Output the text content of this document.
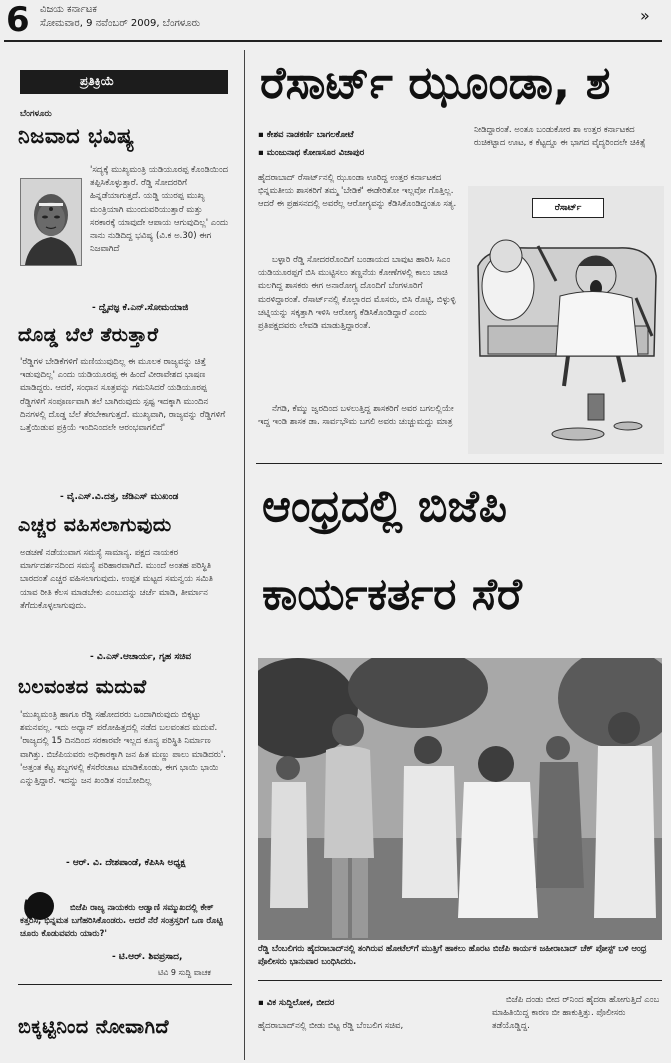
6 ವಿಜಯ ಕರ್ನಾಟಕ
ಸೋಮವಾರ, 9 ನವೆಂಬರ್ 2009, ಬೆಂಗಳೂರು	»
ಪ್ರತಿಕ್ರಿಯೆ
ಬೆಂಗಳೂರು
ನಿಜವಾದ ಭವಿಷ್ಯ
'ಸದ್ಯಕ್ಕೆ ಮುಖ್ಯಮಂತ್ರಿ ಯಡಿಯೂರಪ್ಪ ಕೊಂಡಿಯಿಂದ ತಪ್ಪಿಸಿಕೊಳ್ಳುತ್ತಾರೆ. ರೆಡ್ಡಿ ಸೋದರರಿಗೆ ಹಿನ್ನಡೆಯಾಗುತ್ತದೆ. ಯಡ್ಡಿ ಯುರಪ್ಪ ಮುಖ್ಯ ಮಂತ್ರಿಯಾಗಿ ಮುಂದುವರಿಯುತ್ತಾರೆ ಮತ್ತು ಸರಕಾರಕ್ಕೆ ಯಾವುದೇ ಆಪಾಯ ಆಗುವುದಿಲ್ಲ' ಎಂದು ನಾನು ನುಡಿದಿದ್ದ ಭವಿಷ್ಯ (ವಿ.ಕ ಅ.30) ಈಗ ನಿಜವಾಗಿದೆ
- ದ್ವೈವಜ್ಞ ಕೆ.ಎನ್.ಸೋಮಯಾಜಿ
ದೊಡ್ಡ ಬೆಲೆ ತೆರುತ್ತಾರೆ
'ರೆಡ್ಡಿಗಳ ಬೇಡಿಕೆಗಳಿಗೆ ಮಣಿಯುವುದಿಲ್ಲ ಈ ಮೂಲಕ ರಾಜ್ಯವನ್ನು ಚಿತ್ತೆ ಇಡುವುದಿಲ್ಲ' ಎಂದು ಯಡಿಯೂರಪ್ಪ ಈ ಹಿಂದೆ ವೀರಾವೇಶದ ಭಾಷಣ ಮಾಡಿದ್ದರು. ಆದರೆ, ಸಂಧಾನ ಸೂತ್ರವನ್ನು ಗಮನಿಸಿದರೆ ಯಡಿಯೂರಪ್ಪ ರೆಡ್ಡಿಗಳಿಗೆ ಸಂಪೂರ್ಣವಾಗಿ ತಲೆ ಬಾಗಿರುವುದು ಸ್ಪಷ್ಟ ಇದಕ್ಕಾಗಿ ಮುಂದಿನ ದಿನಗಳಲ್ಲಿ ದೊಡ್ಡ ಬೆಲೆ ತೆರಬೇಕಾಗುತ್ತದೆ. ಮುಖ್ಯವಾಗಿ, ರಾಜ್ಯವನ್ನು ರೆಡ್ಡಿಗಳಿಗೆ ಒತ್ತೆಯಿಡುವ ಪ್ರಕ್ರಿಯೆ ಇಂದಿನಿಂದಲೇ ಆರಂಭವಾಗಲಿದೆ'
- ವೈ.ಎಸ್.ವಿ.ದತ್ತ, ಜೆಡಿಎಸ್ ಮುಖಂಡ
ಎಚ್ಚರ ವಹಿಸಲಾಗುವುದು
ಅಡಚಣೆ ನಡೆಯುವಾಗ ಸಮಸ್ಯೆ ಸಾಮಾನ್ಯ. ಪಕ್ಷದ ನಾಯಕರ ಮಾರ್ಗದರ್ಶನದಿಂದ ಸಮಸ್ಯೆ ಪರಿಹಾರವಾಗಿದೆ. ಮುಂದೆ ಅಂತಹ ಪರಿಸ್ಥಿತಿ ಬಾರದಂತೆ ಎಚ್ಚರ ವಹಿಸಲಾಗುವುದು. ಉಪ್ಪತ ಮಟ್ಟದ ಸಮನ್ವಯ ಸಮಿತಿ ಯಾವ ರೀತಿ ಕೆಲಸ ಮಾಡಬೇಕು ಎಂಬುದನ್ನು ಚರ್ಚೆ ಮಾಡಿ, ತೀರ್ಮಾನ ತೆಗೆದುಕೊಳ್ಳಲಾಗುವುದು.
- ವಿ.ಎಸ್.ಆಚಾರ್ಯ, ಗೃಹ ಸಚಿವ
ಬಲವಂತದ ಮದುವೆ
'ಮುಖ್ಯಮಂತ್ರಿ ಹಾಗೂ ರೆಡ್ಡಿ ಸಹೋದರರು ಒಂದಾಗಿರುವುದು ಬಿಕ್ಕಟ್ಟು ಶಮನವಲ್ಲ. ಇದು ಅಧ್ಯಾನ್ ಪರೋಹಿತ್ತದಲ್ಲಿ ನಡೆದ ಬಲವಂತದ ಮದುವೆ. 'ರಾಜ್ಯದಲ್ಲಿ 15 ದಿನದಿಂದ ಸರಕಾರವೇ ಇಲ್ಲದ ಕೂನ್ಯ ಪರಿಸ್ಥಿತಿ ನಿರ್ಮಾಣ ವಾಗಿತ್ತು. ಬಿಜೆಪಿಯವರು ಅಧಿಕಾರಕ್ಕಾಗಿ ಜನ ಹಿತ ಮಣ್ಣು ಪಾಲು ಮಾಡಿದರು'. 'ಅತ್ತಂತ ಕೆಟ್ಟ ಶಬ್ದಗಳಲ್ಲಿ ಕೆಸರೆರಚಾಟ ಮಾಡಿಕೊಂಡು, ಈಗ ಭಾಯಿ ಭಾಯಿ ಎನ್ನುತ್ತಿದ್ದಾರೆ. ಇದನ್ನು ಜನ ಖಂಡಿತ ನಂಬೋದಿಲ್ಲ
- ಆರ್. ವಿ. ದೇಶಪಾಂಡೆ, ಕೆಪಿಸಿಸಿ ಅಧ್ಯಕ್ಷ
ಬಿಜೆಪಿ ರಾಜ್ಯ ನಾಯಕರು ಆಡ್ವಾಣಿ ಸಮ್ಮುಖದಲ್ಲಿ ಕೇಕ್ ಕತ್ತರಿಸಿ, ಭಿನ್ನಮತ ಬಗೆಹರಿಸಿಕೊಂಡರು. ಆದರೆ ನೆರೆ ಸಂತ್ರಸ್ತರಿಗೆ ಒಣ ರೊಟ್ಟಿ ಚೂರು ಕೊಡುವವರು ಯಾರು?'
- ಟಿ.ಆರ್. ಶಿವಪ್ರಸಾದ,
ಟಿವಿ 9 ಸುದ್ದಿ ವಾಚಕ
ಬಿಕ್ಕಟ್ಟಿನಿಂದ ನೋವಾಗಿದೆ
ರೆಸಾರ್ಟ್ ಝೂಂಡಾ, ಶ
▪ ಕೇಶವ ನಾಡಕರ್ಣಿ ಬಾಗಲಕೋಟೆ
▪ ಮಂಜುನಾಥ ಕೋಣಸೂರ ವಿಜಾಪುರ
ಹೈದರಾಬಾದ್ ರೆಸಾರ್ಟ್‌ನಲ್ಲಿ ಝೂಂಡಾ ಊರಿದ್ದ ಉತ್ತರ ಕರ್ನಾಟಕದ ಭಿನ್ನಮತೀಯ ಶಾಸಕರಿಗೆ ತಮ್ಮ 'ಬೇಡಿಕೆ' ಈಡೇರಿತೋ ಇಲ್ಲವೋ ಗೊತ್ತಿಲ್ಲ. ಆದರೆ ಈ ಪ್ರಹಸನದಲ್ಲಿ ಅವರೆಲ್ಲ ಆರೋಗ್ಯವನ್ನು ಕೆಡಿಸಿಕೊಂಡಿದ್ದಂತೂ ಸತ್ಯ.
ಬಳ್ಳಾರಿ ರೆಡ್ಡಿ ಸೋದರರೊಂದಿಗೆ ಬಂಡಾಯದ ಬಾವುಟ ಹಾರಿಸಿ ಸಿಎಂ ಯಡಿಯೂರಪ್ಪಗೆ ಬಿಸಿ ಮುಟ್ಟಿಸಲು ತಣ್ಣನೆಯ ಕೋಣೆಗಳಲ್ಲಿ ಕಾಲು ಚಾಚಿ ಮಲಗಿದ್ದ ಶಾಸಕರು ಈಗ ಅನಾರೋಗ್ಯ ದೊಂದಿಗೆ ಬೆಂಗಳೂರಿಗೆ ಮರಳಿದ್ದಾರಂತೆ. ರೆಸಾರ್ಟ್‌ನಲ್ಲಿ ಕೊಲ್ಲಾರದ ಮೊಸರು, ಬಿಸಿ ರೊಟ್ಟಿ, ಬಿಳ್ಳುಳ್ಳಿ ಚಟ್ನಿಯನ್ನು ಸಕ್ಕತ್ತಾಗಿ ಇಳಿಸಿ ಆರೋಗ್ಯ ಕೆಡಿಸಿಕೊಂಡಿದ್ದಾರೆ ಎಂದು ಪ್ರತಿಪಕ್ಷದವರು ಲೇವಡಿ ಮಾಡುತ್ತಿದ್ದಾರಂತೆ.
ನೆಗಡಿ, ಕೆಮ್ಮು ಜ್ವರದಿಂದ ಬಳಲುತ್ತಿದ್ದ ಶಾಸಕರಿಗೆ ಅವರ ಬಗಲಲ್ಲಿಯೇ ಇದ್ದ ಇಂಡಿ ಶಾಸಕ ಡಾ. ಸಾರ್ವಭೌಮ ಬಗಲಿ ಅವರು ಚುಚ್ಚುಮದ್ದು ಮಾತ್ರ
ನೀಡಿದ್ದಾರಂತೆ. ಅಂತೂ ಬಂಡುಕೋರ ಶಾ ಉತ್ತರ ಕರ್ನಾಟಕದ ರುಚಿಕಟ್ಟಾದ ಊಟ, ಕ ಕೆಟ್ಟದ್ದೂ ಈ ಭಾಗದ ವೈದ್ಯರಿಂದಲೇ ಚಿಕಿತ್ಸೆ
ರೆಸಾರ್ಟ್
ಆಂಧ್ರದಲ್ಲಿ ಬಿಜೆಪಿ
ಕಾರ್ಯಕರ್ತರ ಸೆರೆ
ರೆಡ್ಡಿ ಬೆಂಬಲಿಗರು ಹೈದರಾಬಾದ್‌ನಲ್ಲಿ ತಂಗಿರುವ ಹೋಟೆಲ್‌ಗೆ ಮುತ್ತಿಗೆ ಹಾಕಲು ಹೊರಟ ಬಿಜೆಪಿ ಕಾರ್ಯಕ ಜಹೀರಾಬಾದ್ ಚೆಕ್ ಪೋಸ್ಟ್ ಬಳಿ ಆಂಧ್ರ ಪೊಲೀಸರು ಭಾನುವಾರ ಬಂಧಿಸಿದರು.
▪ ವಿಕ ಸುದ್ದಿಲೋಕ, ಬೀದರ
ಹೈದರಾಬಾದ್‌ನಲ್ಲಿ ಬೀಡು ಬಿಟ್ಟ ರೆಡ್ಡಿ ಬೆಂಬಲಿಗ ಸಚಿವ,
ಬಿಜೆಪಿ ದಂಡು ಬೀದ ರ್‌ನಿಂದ ಹೈದರಾ ಹೋಗುತ್ತಿದೆ ಎಂಬ ಮಾಹಿತಿಯಿದ್ದ ಕಾರಣ ಬೀ ಹಾಕುತ್ತಿತ್ತು. ಪೊಲೀಸರು ತಡೆಯೊಡ್ಡಿದ್ದ.
